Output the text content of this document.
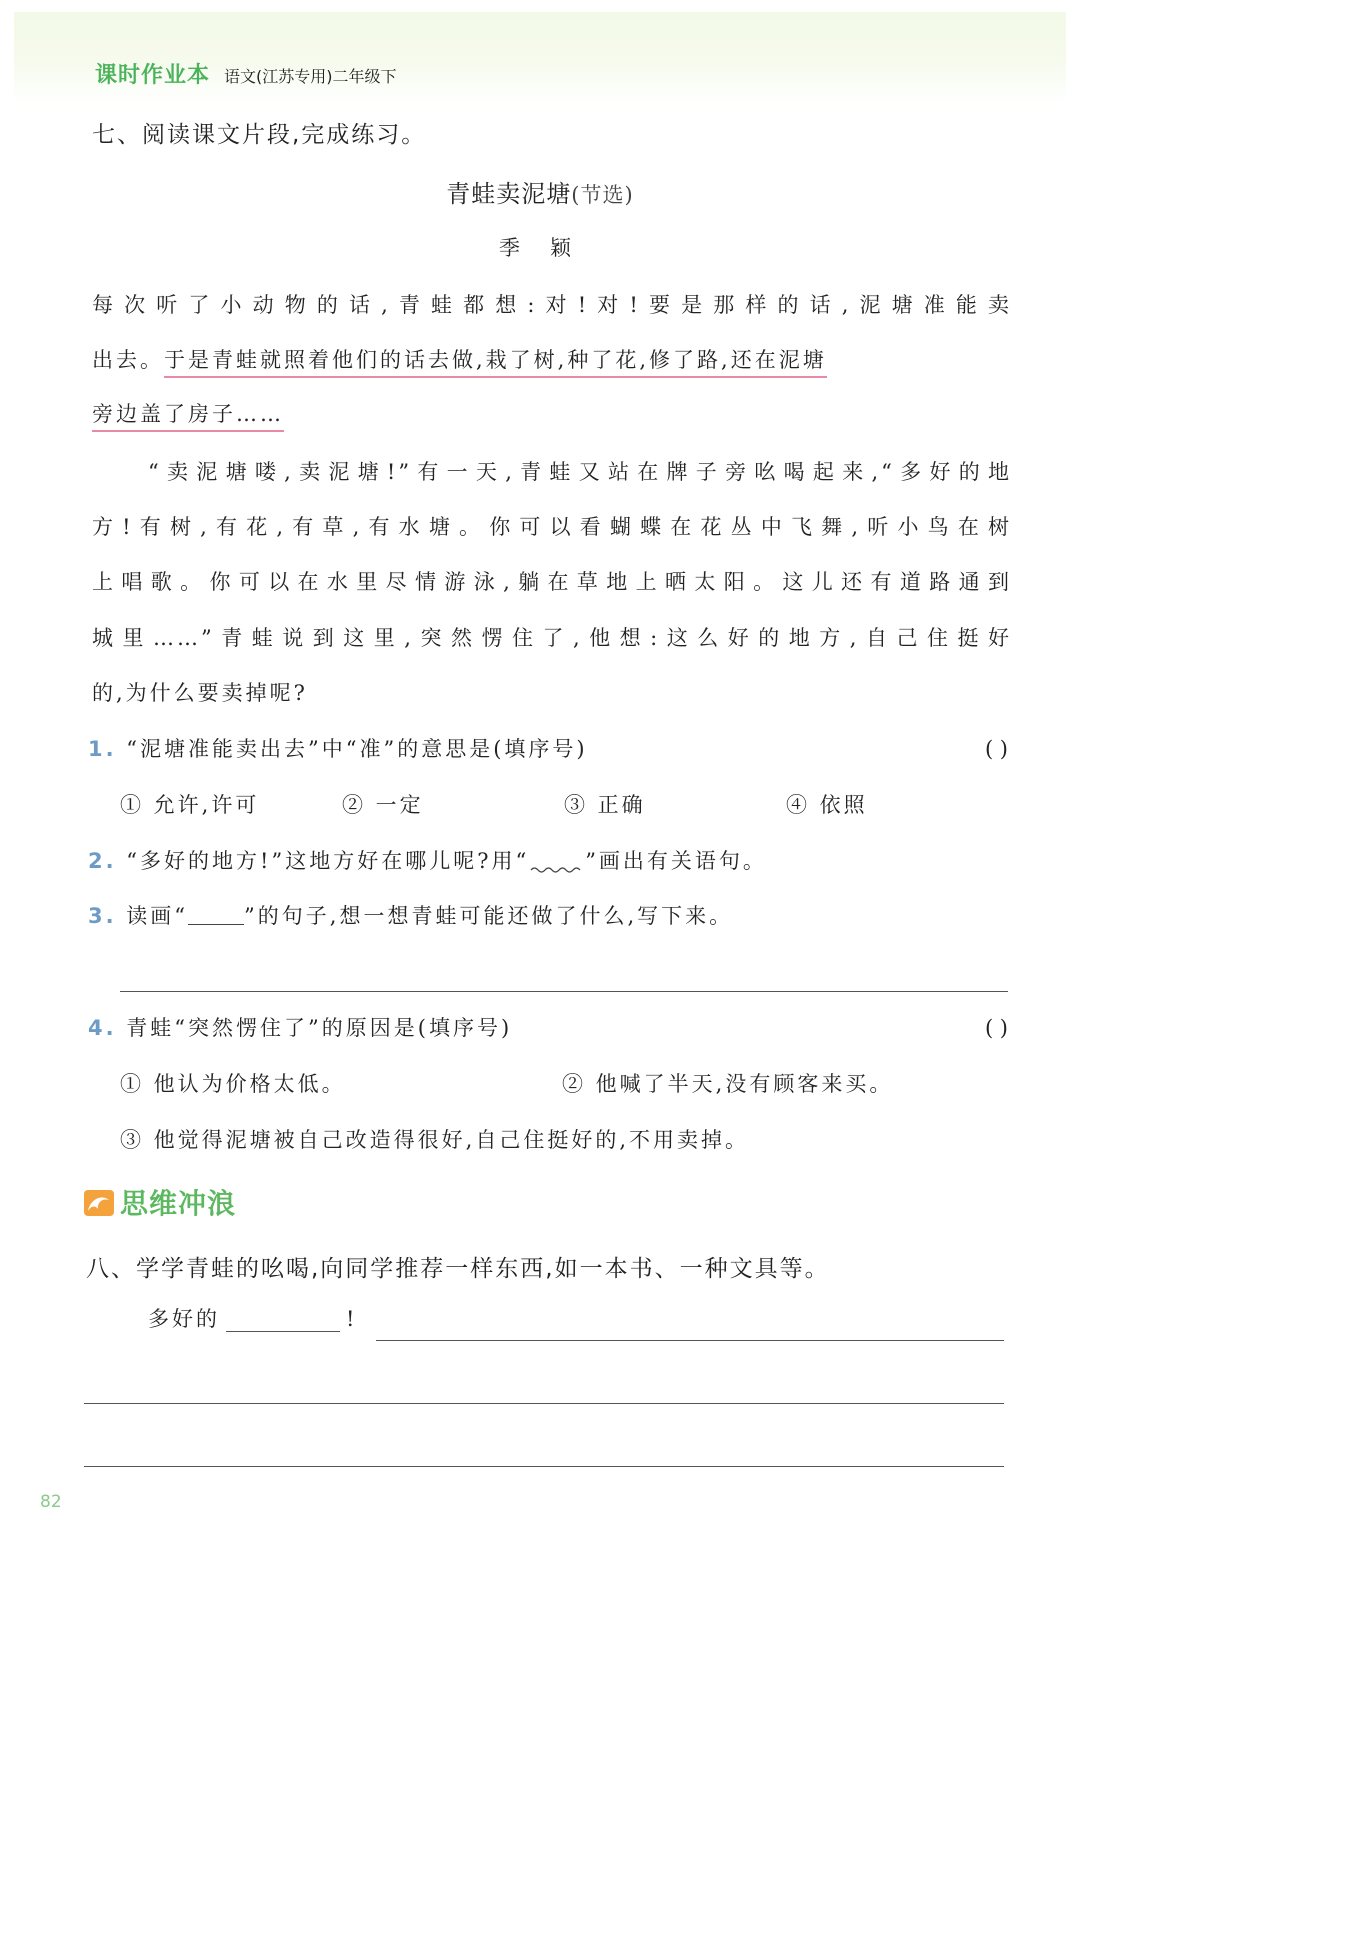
课时作业本 语文(江苏专用)二年级下
七、阅读课文片段,完成练习。
青蛙卖泥塘(节选)
季颖
每次听了小动物的话,青蛙都想:对!对!要是那样的话,泥塘准能卖
出去。于是青蛙就照着他们的话去做,栽了树,种了花,修了路,还在泥塘
旁边盖了房子……
“卖泥塘喽,卖泥塘!”有一天,青蛙又站在牌子旁吆喝起来,“多好的地
方!有树,有花,有草,有水塘。你可以看蝴蝶在花丛中飞舞,听小鸟在树
上唱歌。你可以在水里尽情游泳,躺在草地上晒太阳。这儿还有道路通到
城里……”青蛙说到这里,突然愣住了,他想:这么好的地方,自己住挺好
的,为什么要卖掉呢?
1. “泥塘准能卖出去”中“准”的意思是(填序号)	( )
① 允许,许可	② 一定	③ 正确	④ 依照
2. “多好的地方!”这地方好在哪儿呢?用“	”画出有关语句。
3. 读画“	”的句子,想一想青蛙可能还做了什么,写下来。
4. 青蛙“突然愣住了”的原因是(填序号)	( )
① 他认为价格太低。	② 他喊了半天,没有顾客来买。
③ 他觉得泥塘被自己改造得很好,自己住挺好的,不用卖掉。
思维冲浪
八、学学青蛙的吆喝,向同学推荐一样东西,如一本书、一种文具等。
多好的	!
82
